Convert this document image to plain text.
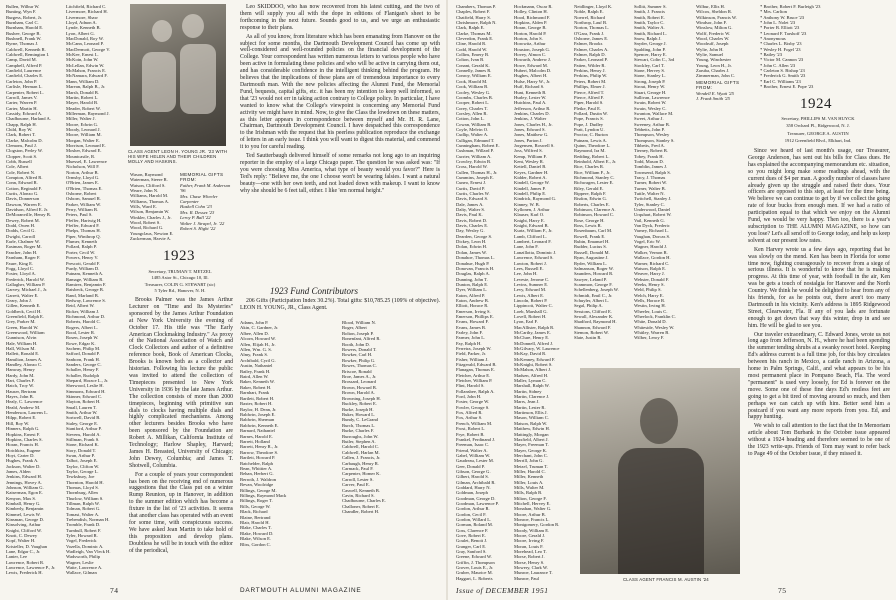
Bullen, Wilbur W.
Bunting, Wyn F.
Burgess, Robert, Jr.
Burnham, Carl C.
Burnham, Harold E.
Bushee, George B.
Bushnell, Frank W.
Byrne, Thomas J.
Caldwell, Kenneth R.
Caldwell, Remington I.
Camp, David M.
Campbell, Alfred P.
Canfield, Laurence
Canfield, Charles E.
Carleton, John P.
Carlisle, Herman L.
Carpenter, Robert L.
Carroll, James V.
Carter, Warren P.
Carter, Martin H.
Cassidy, Edward A.
Chadbourne, Harland A.
Chapp, Ralph H.
Child, Roy W.
Clark, Robert T.
Clarke, Malcolm D.
Clemons, Paul J.
Clogston, Perley W.
Clopper, Scott S.
Cobb, Russell
Cole, Albert
Cole, Robert N.
Compton, Alfred R.
Conn, Edward R.
Cotton, Reginald F.
Curtis, Alonzo G.
Davis, Donnerson
Dawson, Warren E.
Davidson, Alfred E. Jr.
DeMoranville, Henry B.
Dewey, Robert M.
Dodd, Owen H.
Dodds, Cecil G.
Dwight, Carroll
Earle, Chalmer W.
Eastman, Roger M.
Fancher, John H.
Farnham, Roger F.
Faure, King E.
Fogg, Lloyd C.
Foster, Lloyd A.
Frederick, Harold W.
Gallagher, William P.
Garvey, Michael J., Jr.
Garrett, Walter E.
Geary, John J.
Gillen, Kenneth E.
Goldbeck, Cecil H.
Greenfield, Ralph E.
Grey, Parker M.
Green, Harold W.
Greenwood, William
Gunnison, Alvin
Hale, William H.
Hall, Wilson M.
Hallett, Ronald E.
Hamilton, James A.
Handley, Alonzo C.
Hanway, Henry
Hardy, John M.
Hart, Charles F.
Hatch, Troy W.
Hauser, Bertram
Hayes, John B.
Healy, C. Lawrence
Heald, Andrew M.
Henderson, Laurens L.
Hilpp, Robert E.
Hill, Roy W.
Hinners, Ralph G.
Hopkins, Ernest F.
Hopkins, Charles S.
Horan, Francis H.
Hotchkiss, Eugene
Hoyt, Carter D.
Hughes, Frank A.
Jackson, Walter D.
James, Alden
Jenkins, Edward H.
Jennings, Hovey A.
Johnson, William G.
Kaiserman, Egon E.
Kenyon, Max S.
Kimball, Henry G.
Kimberly, Benjamin
Kimmel, Lewis W.
Kinsman, George D.
Kinsolving, Arthur
Knight, Clifford W.
Knott, C. Dewey
Kopf, Walter H.
Kristeller, D. Vaughan
Lane, Edgar C., Jr.
Lanier, Lee
Lawrence, Robert R.
Lawrence, Lawrence P., Jr.
Lewis, Frederick H.
Litchfield, Richard C.
Livermore, Richard H.
Livermore, Shaw
Lloyd, Adnon A.
Lynde, Kenneth B.
Lyon, Albert G.
MacDonald, Roy W.
McCann, Leonard P.
MacDermott, George V.
McKee, Ernest L.
McKoin, John W.
McLellan, Edwin W.
McMahon, Francis E.
McNamara, Edward F.
Mann, William D.
Marean, Ralph B., Jr.
Marsh, Donald B.
Martin, Robert L.
Mayer, Harold B.
Meader, Robert W.
Millerman, Raymond J.
Miller, Walter J.
Moore, Edwin G.
Moody, Leonard J.
Moore, William M.
Morgan, Walter E.
Morrison, Leonard E.
Mosher, Edward E.
Mountcastle, R.
Muessel, E. Lawrence
Nicholson, Will F.
Norton, Arthur B.
Ormsby, Lloyd G.
O'Brien, James E.
O'Brien, Thomas E.
Osborne, Robert
Osborn, Samuel R.
Parker, William W.
Perry, William B.
Peters, Paul S.
Pfeffer, Hartwig H.
Pfeffer, Edward F.
Phelps, Thomas H.
Piper, Winthrop Q.
Plumer, Kenneth
Pollard, Ralph P.
Porter, Cecil W.
Powers, Henry V.
Prescott, Gerald F.
Purdy, William D.
Putnam, Kenneth A.
Ramage, William R.
Ramirez, Benjamin F.
Raisbeck, George B.
Rand, Marland B.
Redway, Lawrence S.
Reid, Albert W.
Ricker, William J.
Richmond, Arthur D.
Roberts, Harold C.
Rogers, Albert L.
Rood, Lester R.
Rosen, Joseph W.
Rowe, Edgar K.
Sachem, Philip M.
Safford, Donald P.
Sanborn, Frank H.
Sanders, George C.
Schaller, Henry F.
Schaller, Rudolph
Shepard, Horace L., Jr.
Sherwood, Leslie H.
Simmons, Edward H.
Skinner, Edward C.
Slayton, Robert H.
Small, Lauren T.
Smith, Arthur W.
Sortwell, David B.
Staley, George E.
Staniford, Arthur P.
Stevens, Harold A.
Stillman, Frank S.
Stone, Richard K.
Story, Donald T.
Swan, Arthur P.
Talbot, Joseph E.
Taylor, Clifton W.
Taylor, George L.
Tewksbury, Joe
Thornton, Harold H.
Thomas, Lloyd S.
Thornburg, Allen
Thurlow, William S.
Tillman, Ralph W.
Tolman, Robert G.
Tomasi, Walter A.
Trebendish, Norman H.
Tromble, Frank D.
Turnbull, Robert F.
Tyler, Howard R.
Vogel, Frederick
Vozella, Dominic A.
Wadleigh, Van Vleck H.
Wadsworth, Philip
Wagner, Leslie
Waite, Lawrence A.
Wallace, Gilman
CLASS AGENT LEON H. YOUNG JR. '23 WITH HIS WIFE HELEN AND THEIR CHILDREN MOLLY AND HASKINS.
Wason, Raymond
Waterman, Steere R.
Watson, Clifford S.
Weare, John N.
Williams, Harold M.
Williams, Thomas A.
Wills, Ward E.
Wilson, Benjamin W.
Winkler, Charles J., Jr.
Wood, Robert S.
Wood, Richard G.
Youngclaus, Newton E.
Zuckerman, Harvie A.
MEMORIAL GIFTS FROM:
Father, Frank M. Anderson '96
Mrs. Chase Wheeler Carpenter
Haskell Cohn '23
Mrs. R. Dessez '23
Leroy P. Ball '22
Walter J. Strapel, Jr. '22
Robert S. Hight '22
1923
Secretary, TRUMAN T. METZEL
1485 Astor St., Chicago 10, Ill.
Treasurer, COLIN G. STEWART (sic)
5 Tyler Rd., Hanover, N. H.

Brooks Palmer was the James Arthur Lecturer on "Time and Its Mysteries" sponsored by the James Arthur Foundation at New York University the evening of October 17. His title was "The Early American Clockmaking Industry." As proxy of the National Association of Watch and Clock Collectors and author of a definitive reference book, Book of American Clocks, Brooks is known both as a collector and historian. Following his lecture the public was invited to attend the collection of Timepieces presented to New York University in 1936 by the late James Arthur. The collection consists of more than 2000 timepieces, beginning with primitive sun dials to clocks having multiple dials and highly complicated mechanisms. Among other lecturers besides Brooks who have been sponsored by the Foundation are Robert A. Millikan, California Institute of Technology; Harlow Shapley, Harvard; James H. Breasted, University of Chicago; John Dewey, Columbia; and James T. Shotwell, Columbia.

For a couple of years your correspondent has been on the receiving end of numerous suggestions that the Class put on a winter Rump Reunion, up in Hanover, in addition to the summer edition which has become a fixture in the list of '23 activities. It seems that another class has operated with an event for some time, with conspicuous success. We have asked Jean Martin to take hold of this proposition and develop plans. Doubtless he will be in touch with the editor of the periodical,

Leo SKIDDOO, who has now recovered from his latest cutting, and the two of them will supply you all with the dope in editions of Flanigan's sheet to be forthcoming in the next future. Sounds good to us, and we urge an enthusiastic response to their plans.

As all of you know, from literature which has been emanating from Hanover on the subject for some months, the Dartmouth Development Council has come up with well-considered and well-rounded policies on the financial development of the College. Your correspondent has written numerous letters to various people who have been active in formulating these policies and who will be active in carrying them out, and has considerable confidence in the intelligent thinking behind the program. He believes that the implications of these plans are of tremendous importance to every Dartmouth man. With the new policies affecting the Alumni Fund, the Memorial Fund, bequests, capital gifts, etc. it has been my intention to keep well informed, so that '23 would not err in taking action contrary to College policy. In particular, I have wanted to know what the College's viewpoint is concerning any Memorial Fund activity we might have in mind. Now, to give the Class the lowdown on these matters, as this letter appears in correspondence between myself and Mr. H. R. Lane, Chairman, Dartmouth Development Council. I have despatched this correspondence to the Irishman with the request that his peerless publication reproduce the exchange of letters in an early issue. I think you will want to digest this material, and commend it to you for careful reading.

Ted Sautterbaugh delivered himself of some remarks not long ago to an inquiring reporter in the employ of a large Chicago paper. The question he was asked was: "If you were choosing Miss America, what type of beauty would you favor?" Here is Ted's reply: "Believe me, the one I choose won't be wearing falsies. I want a natural beauty—one with her own teeth, and not loaded down with makeup. I want to know why she should be 6 feet tall, either. I like 'em normal height."

1923 Fund Contributors

206 Gifts (Participation Index 30.2%). Total gifts: $10,785.25 (109% of objective). LEON H. YOUNG, JR., Class Agent.

Adams, John P.
Akin, C. Gardner, Jr.
Albee, Allen D.
Alcorn, Howard W.
Allen, Elijah H., Jr.
Allen, Wm. G. S.
Almy, Frank S.
Archibald, Cyril G.
Austin, Nathaniel
Bailey, Frank H.
Baird, Allen W.
Baker, Kenneth W.
Baker, Robert H.
Barnhart, Frank
Bartlett, Robert H.
Baxter, Robert H.
Baylor, H. Dean, Jr.
Baldwin, Joseph E.
Baldwin, Sherman
Baldwin, Kenneth E.
Barnard, Nathaniel
Barnes, Harold E.
Barrett, Holland
Barrett, Henry R., Jr.
Barrow, Theodore S.
Bartlett, Howard P.
Batchelder, Ralph
Bean, Whittier A.
Behan, Herbert G.
Berroth, J. Waldron
Bevan, Woolridge
Billings, George M.
Billings, Raymond Mack
Billings, Roger T.
Bills, George W.
Black, Richard
Blaine, Bertrand
Blair, Harold H.
Blake, Charles T.
Blake, Howard D.
Blake, Wilson E.
Bliss, Gordon C.
Blood, William N.
Boger, Albert
Bolton, Joseph P.
Bonenfant, Alfred R.
Booth, John D.
Bowers, Donald T.
Bowker, Carl H.
Bowker, Philip G.
Bowes, Thomas C.
Briscoe, Ronald
Broe, James A., Jr.
Brossard, Leonard
Brown, Howard B.
Brown, Harold A.
Browning, Joseph H.
Buckley, Robert E.
Burke, Joseph H.
Buker, Howard L.
Bundy, C. LeGrand
Burch, Thomas L.
Burke, Charles F.
Burroughs, John W.
Butler, Stephen A.
Caldwell, Harold C.
Caldwell, Harlan M.
Callen, J. Francis, Jr.
Carbaugh, Henry R.
Carmack, Paul F.
Carpenter, Homer K.
Carroll, Lester S.
Carver, Paul E.
Caswell, Kenneth B.
Cavin, Richard S.
Chadbourne, Charles E.
Challoner, Robert E.
Chandler, Robert H.
74	DARTMOUTH ALUMNI MAGAZINE
Chambers, Thomas P.
Chaples, Robert F.
Chatfield, Harry S.
Chrishmore, Ralph N.
Clark, Ralph E.
Clarke, Thomas M.
Cleverdon, Frank E.
Cline, Harold R.
Codd, Harold W.
Collins, Emery B.
Colton, Ivan B.
Conant, Gerald K.
Connelly, James R.
Conroy, William E.
Cook, Harold M.
Cook, William B.
Cooley, Wesley G.
Coombs, Charles B.
Cooper, Robert L.
Corey, Charles T.
Corsley, Allen R.
Cotton, John L.
Cowan, William B.
Coyle, Melvin O.
Cudlip, Walter A.
Culligan, Edmund T.
Cunningham, Robert E.
Cushman, Willard P.
Currier, William A.
Crowley, Edwin B.
Cross, Harold W.
Cullen, Thomas H., Jr.
Cummins, Joseph E.
Cuneo, Ernest J.
Curtis, David P.
Curtis, Charles W.
Davis, Edward S.
Dale, James A.
Dalty, Walter S.
Davis, Paul K.
Davis, Robert D.
Davis, Charles E.
Day, Wesley G.
Dearden, George S.
Dickey, Leon H.
Dolan, Edwin H.
Dolan, James W.
Donahoe, Thomas L.
Donahue, Hugh P.
Donovan, Francis H.
Douglas, Ralph A.
Dunning, John T.
Dunton, Ralph E.
Dyer, William L.
Eaton, Alfred P.
Eaton, Andrew B.
Elliott, Horace R.
Emerson, Irving S.
Emerson, Phillips E.
Evans, Howard F.
Evans, James B.
Farley, John F.
Farmer, John L.
Fay, Ralph H.
Ferreira, Joseph W.
Field, Parker, Jr.
Fisher, William J.
Fitzgerald, Edward B.
Flanagan, Thomas E.
Fletcher, Arthur E.
Fletcher, William P.
Flint, Harold S.
Follansbee, Ralph A.
Ford, John H.
Foster, George W.
Fowler, George S.
Fox, Alfred R.
Fox, Arthur S.
French, William M.
Frost, Robert L.
Frye, Robert B.
Frankel, Ferdinand J.
Freeman, Isaac C.
Friend, Walter A.
Gabel, William W.
Gaudreau, Lester M.
Geer, Donald P.
Gibson, George G.
Gilbert, Harold S.
Gilman, Archibald R.
Goddard, Harry N.
Goldman, Joseph
Goodman, George D.
Goodman, Lawrence P.
Gordon, Arthur R.
Gordon, Cecil F.
Gordon, Willard L.
Gorman, Roland M.
Goss, Clarence F.
Gove, Robert E.
Goulet, Benoit J.
Granger, Carl E.
Gray, Sanford S.
Greene, Edward W.
Griffin, J. Thompson
Grover, Louis E., Jr.
Gruber, Maurice M.
Haggart, L. Roberts
Hockmann, Oscar R.
Holley, Clinton H.
Hood, Richmond F.
Hopkins, Alden P.
Horan, George B.
Horton, Harold P.
Horton, John S.
Horowitz, Arthur
Houston, Joseph G.
Hovey, Almon C.
Howarth, Andrew J.
Howe, Edward M.
Hubert, Malcolm D.
Hughes, Albert H.
Hulse, Harry W., Jr.
Huff, Richard S.
Hunt, Kenneth B.
Hurley, Lester W.
Hutchins, Paul A.
Jefferson, Arthur R.
Jenkins, Charles D.
Jenkins, J. Walter
Jones, Charles H., Jr.
Jones, Edward S.
Jones, Matthew G.
Jones, Parton J.
Jorgensen, Roswell S.
Joss, Wilfred S.
Kemp, William F.
Kent, Wesley R.
Kettell, Daniel B.
Keyes, Gardner H.
Kidder, Robert A.
Kindell, George W.
Kindell, James P.
Kindell, Philip E.
Kindrick, Raymond G.
Kinney, W. B.
Kyllonen, J. Arthur
Klauser, Karl O.
Knight, Harry E.
Knight, Edward B.
Kurtz, William F., Jr.
Lamb, Clifford L.
Lambert, Leonard F.
Lane, John F.
Lanzillotta, Dominic J.
Lawrence, Edward S.
Lawton, Robert J.
Lees, Russell E.
Lee, John H.
Leveste, Jerome C.
Levins, Sumner E.
Levy, Edward M.
Lewis, Albert E.
Lincoln, Robert P.
Lippincott, Walter C.
Loeb, Marshall G.
Lovell, Robert H.
Lyon, Earl F.
MacAllister, Ralph R.
McCarthy, James E.
McClure, Henry E.
McDonnell, Alfred J.
McGilvary, W. Laurence
McKay, David R.
McKenney, Edward F.
McKnight, Robert S.
McMahon, Albert J.
Madsen, Alfred H.
Maller, Lyman C.
Marshall, Ralph W.
Martin, Sidney
Martin, Clarence J.
Marrs, Jean J.
Martin, Lester R.
Martinson, Ellis J.
Mason, William C.
Matson, Ralph W.
Matthew, Edwin H.
Mattingly, Morgan
Maxfield, Albert J.
Mayer, Freeman T.
Mayer, George K.
Merchant, John C.
Merrill, John G.
Metzel, Truman T.
Miller, Harold C.
Miller, Kenneth
Miller, Louis A.
Mills, Walter M.
Mills, Ralph B.
Milton, George F.
Mitchell, Hervey E.
Monahan, Walter G.
Moore, Arthur B.
Monroe, Francis L.
Montgomery, Gordon R.
Moody, William E.
Moore, Gerald J.
Moore, Irving F.
Moran, Louis F.
Morehead, Leo T.
Morse, Robert J.
Morse, Henry S.
Mowery, Clark W.
Munroe, Laurance T.
Munroe, Paul
Neidlinger, Lloyd K.
Noble, Ralph E.
Noerrel, Richard
Northrop, Lauf B.
Norton, Thomas L.
O'Gara, Frank J.
Osborne, James E.
Palmer, Brooks
Palmer, Charles A.
Palmer, Ralph D.
Parker, Leonard P.
Patten, Wilder R.
Perkins, Henry J.
Perkins, Philip W.
Peters, Robert M.
Phillips, Elmer J.
Pierce, Alfred T.
Pierce, Alfred F.
Piper, Harold S.
Pletke, Paul E.
Pollard, Dustin W.
Pope, Francis S.
Pope, J. Dudley
Pratt, Lyndon U.
Proctor, C. Burton
Putnam, Lewis A.
Quinn, Theodore L.
Raymond, Ira M.
Redding, Robert L.
Reinhold, Albert E., Jr.
Rice, Charles R.
Rice, William F., Jr.
Richmond, Stanley C.
Richwagen, Lester E.
Riley, Gerald E.
Rippere, Ralph F.
Risdon, Edwin G.
Roberts, Charles E.
Robinson, Clarence A.
Robinson, Howard C.
Rose, George H.
Ross, Lewis R.
Rosenbaum, Carl M.
Rowell, Frank E.
Rubin, Emanuel H.
Rudder, Lucius S.
Russell, Donald M.
Ryan, Augustine J.
Ryder, William L.
Salmanson, Roger W.
Saunders, Howard R.
Sawyer, Leland P.
Scammon, George F.
Schellenberg, Joseph W.
Schmidt, Emil C., Jr.
Schuyler, Albert L.
Segal, Philip A.
Sessions, Clifford E.
Sewall, Alexander K.
Shadford, Raymond H.
Shannon, Edward F.
Siemon, Robert W.
Slate, Justin R.
Sollitt, Sumner S.
Smith, J. Francis
Smith, Robert E.
Smith, Taylor C.
Smith, Walter A.
Smith, Richard L.
Snow, Ralph J.
Snyder, George J.
Spalding, John P.
Spencer, Harry E.
Stewart, Colin C., 3rd
Stockley, Carl T.
Stone, Hervey S.
Stone, Stanley L.
Strong, Joseph P.
Strout, Henry W.
Stuart, George H.
Sullivan, Lawrence
Swain, Robert W.
Swain, Wesley C.
Swanton, Wallace M.
Sweet, Arthur J.
Sweeney, Arthur B.
Tebbetts, John P.
Thompson, Wesley
Thompson, Stanley S.
Tibbetts, Fred A.
Tierney, Robert B.
Tobey, Frank H.
Todd, Mason D.
Tomblin, James J.
Townsend, Ralph S.
Tracy, J. Thomas
Turner, Robert W.
Turner, Walter B.
Tuttle, Walter N.
Twitchell, Stanley J.
Tyler, Stanley C.
Underwood, Daniel
Urquhart, Robert W.
Vail, Kenneth G.
Van Dyck, Frederic
Varney, Richard L.
Vaughan, Dorcas S.
Vogel, Eric W.
Wagner, Harold J.
Walker, Vernon R.
Wallace, Gordon H.
Warner, Richard C.
Watson, Ralph E.
Weaver, Harry J.
Webster, Donald F.
Weeks, Henry S.
Weld, Philip S.
Welch, Harry E.
Wells, Horace R.
Westin, Irving H.
Wheeler, Louis C.
Wheelock, Franklin C.
White, Donald D.
Whiteside, Wesley W.
Whitley, Warren B.
Wilber, Leroy F.
Wilbur, Ellis H.
Wilcox, Sheldon R.
Wilkinson, Francis W.
Windsor, John F.
Winslow, Milton G.
Wolff, Frederic W.
Wood, Charles W.
Woodruff, Joseph
Wylie, John H.
Wylie, Samuel
Young, Winchester
Young, Leon H., Jr.
Zaruba, Charles J.
Zimmerman, John C.
MEMORIAL GIFTS FROM:
Wendell E. Wyatt '25
J. Frank Smith '25
* Brother, Robert F. Burleigh '23
* Mrs. Carlton
* Anthony W. Bruce '23
* John L. Nolet '23
* Porter B. Elliott '23
* Leonard F. Tarshoff '23
* Anonymous
* Charles L. Bixby '23
* Wesley H. Fogel '23
* Bailey '23
* Victor M. Cannon '23
* John C. Allen '23
* Carleton S. Bishop '23
* Frederick G. Smith '23
* Earl C. Williams '23
* Brother, Ernest E. Pope '23
1924
Secretary, PHILLIPS M. VAN HUYCK
358 Orchard Pl., Ridgewood, N. J.
Treasurer, GEORGE A. AUSTIN
1912 Greenfield Blvd., Elkhart, Ind.

Since we heard of last month's usage, our Treasurer, George Anderson, has sent out his bills for Class dues. He has explained the accompanying memorandum etc. situation, so you might long make some readings ahead, with the current dues of $4 per man. A goodly number of classes have already given up the struggle and raised their dues. Your officers are opposed to this step, at least for the time being. We believe we can continue to get by if we collect the going rate of four bucks from enough men. If we had a ratio of participation equal to that which we enjoy on the Alumni Fund, we would be very happy. Then too, there is a year's subscription to THE ALUMNI MAGAZINE, so how can you lose? Let's all send off to George today, and help us keep solvent at our present low rates.

Ken Harvey wrote us a few days ago, reporting that he was slowly on the mend. Ken has been in Florida for some time now, fighting courageously to recover from a siege of serious illness. It is wonderful to know that he is making progress. At this time of year, with football in the air, Ken was be gets a touch of nostalgia for Hanover and the North Country. We think he would be delighted to hear from any of his friends, for as he points out, there aren't too many Dartmouth in his vicinity. Ken's address is 1895 Ridgewood Street, Clearwater, Fla. If any of you lads are fortunate enough to get down that way this winter, drop in and see him. He will be glad to see you.

Our traveler extraordinary, C. Edward Jones, wrote us not long ago from Jefferson, N. H., where he had been spending the summer tending shrubs at a swanky resort hotel. Keeping Ed's address current is a full time job, for this boy circulates between his ranch in Mexico, a cattle ranch in Arizona, a home in Palm Springs, Calif., and what appears to be his most permanent place in Pompano Beach, Fla. The word "permanent" is used very loosely, for Ed is forever on the move. Some one of these fine days Ed's restless feet are going to get a bit tired of moving around so much, and then perhaps we can catch up with him. Better send him a postcard if you want any more reports from you. Ed, and happy hunting.

We wish to call attention to the fact that the In Memoriam article about Tom Burbank in the October issue appeared without a 1924 heading and therefore seemed to be one of the 1923 write-ups. Friends of Tom may want to refer back to Page 49 of the October issue, if they missed it.

CLASS AGENT FRANCIS M. AUSTIN '24
Issue of DECEMBER 1951	75
